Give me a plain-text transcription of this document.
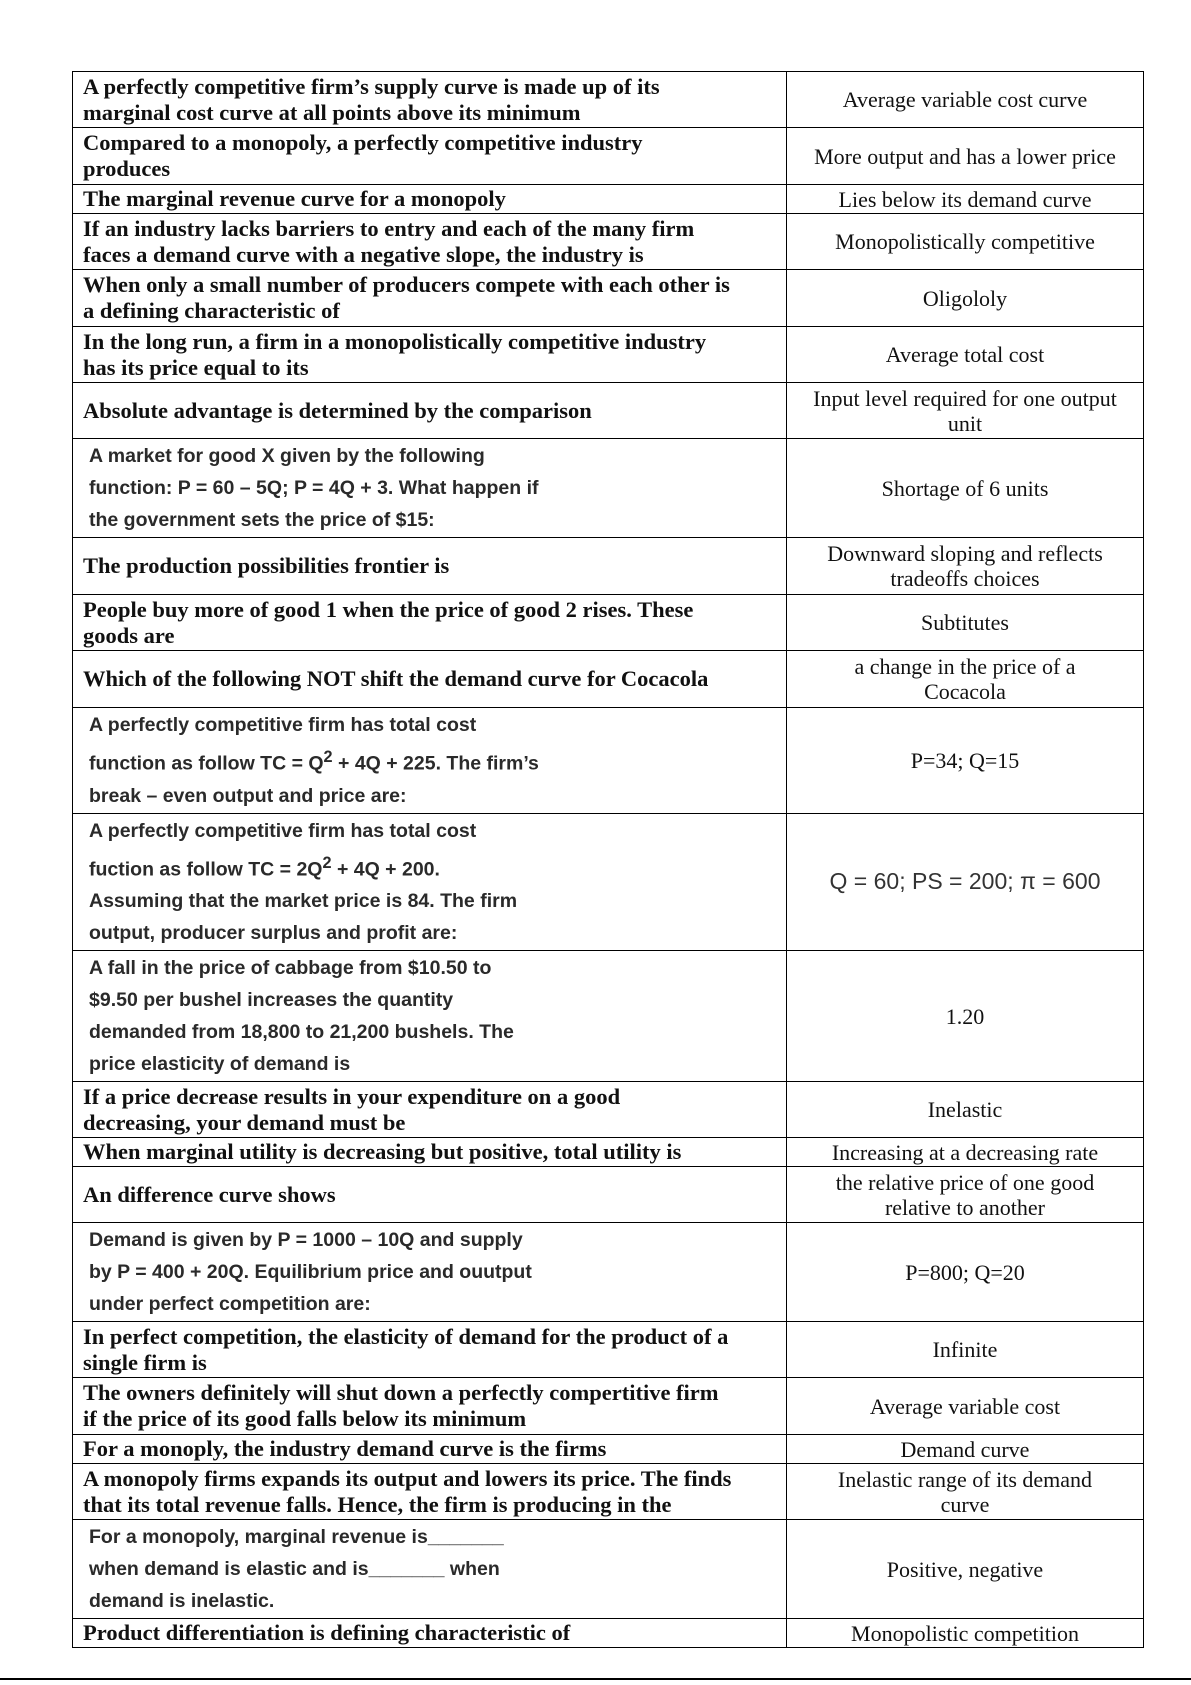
A perfectly competitive firm’s supply curve is made up of its
marginal cost curve at all points above its minimum	Average variable cost curve

Compared to a monopoly, a perfectly competitive industry
produces	More output and has a lower price

The marginal revenue curve for a monopoly	Lies below its demand curve

If an industry lacks barriers to entry and each of the many firm
faces a demand curve with a negative slope, the industry is	Monopolistically competitive

When only a small number of producers compete with each other is
a defining characteristic of	Oligololy

In the long run, a firm in a monopolistically competitive industry
has its price equal to its	Average total cost

Absolute advantage is determined by the comparison	Input level required for one output
unit

A market for good X given by the following
function: P = 60 – 5Q; P = 4Q + 3. What happen if
the government sets the price of $15:	Shortage of 6 units

The production possibilities frontier is	Downward sloping and reflects
tradeoffs choices

People buy more of good 1 when the price of good 2 rises. These
goods are	Subtitutes

Which of the following NOT shift the demand curve for Cocacola	a change in the price of a
Cocacola

A perfectly competitive firm has total cost
function as follow TC = $Q^2 + 4Q + 225$. The firm’s
break – even output and price are:	P=34; Q=15

A perfectly competitive firm has total cost
fuction as follow TC = $2Q^2 + 4Q + 200$.
Assuming that the market price is 84. The firm
output, producer surplus and profit are:	Q = 60; PS = 200; π = 600

A fall in the price of cabbage from $10.50 to
$9.50 per bushel increases the quantity
demanded from 18,800 to 21,200 bushels. The
price elasticity of demand is	1.20

If a price decrease results in your expenditure on a good
decreasing, your demand must be	Inelastic

When marginal utility is decreasing but positive, total utility is	Increasing at a decreasing rate

An difference curve shows	the relative price of one good
relative to another

Demand is given by P = 1000 – 10Q and supply
by P = 400 + 20Q. Equilibrium price and ouutput
under perfect competition are:	P=800; Q=20

In perfect competition, the elasticity of demand for the product of a
single firm is	Infinite

The owners definitely will shut down a perfectly compertitive firm
if the price of its good falls below its minimum	Average variable cost

For a monoply, the industry demand curve is the firms	Demand curve

A monopoly firms expands its output and lowers its price. The finds
that its total revenue falls. Hence, the firm is producing in the	Inelastic range of its demand
curve

For a monopoly, marginal revenue is_______
when demand is elastic and is_______ when
demand is inelastic.	Positive, negative

Product differentiation is defining characteristic of	Monopolistic competition
